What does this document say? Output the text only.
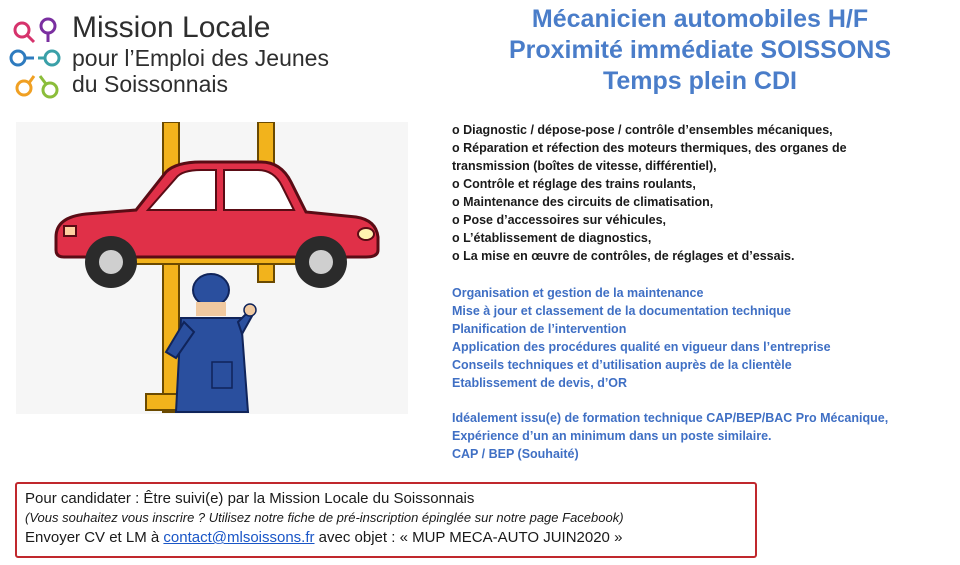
Mission Locale
pour l’Emploi des Jeunes
du Soissonnais
Mécanicien automobiles H/F
Proximité immédiate SOISSONS
Temps plein CDI
o Diagnostic / dépose-pose / contrôle d’ensembles mécaniques,
o Réparation et réfection des moteurs thermiques, des organes de
transmission (boîtes de vitesse, différentiel),
o Contrôle et réglage des trains roulants,
o Maintenance des circuits de climatisation,
o Pose d’accessoires sur véhicules,
o L’établissement de diagnostics,
o La mise en œuvre de contrôles, de réglages et d’essais.
Organisation et gestion de la maintenance
Mise à jour et classement de la documentation technique
Planification de l’intervention
Application des procédures qualité en vigueur dans l’entreprise
Conseils techniques et d’utilisation auprès de la clientèle
Etablissement de devis, d’OR
Idéalement issu(e) de formation technique CAP/BEP/BAC Pro Mécanique,
Expérience d’un an minimum dans un poste similaire.
CAP / BEP (Souhaité)
Pour candidater : Être suivi(e) par la Mission Locale du Soissonnais
(Vous souhaitez vous inscrire ? Utilisez notre fiche de pré-inscription épinglée sur notre page Facebook)
Envoyer CV et LM à contact@mlsoissons.fr avec objet : « MUP MECA-AUTO JUIN2020 »
